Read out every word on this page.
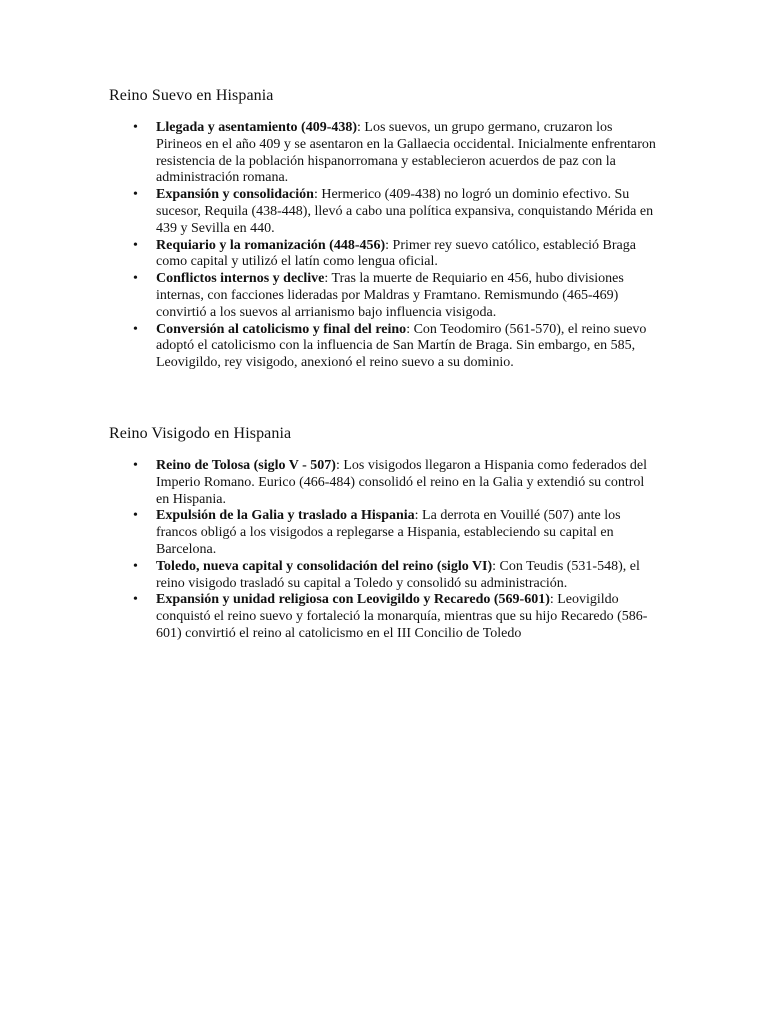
Reino Suevo en Hispania
• Llegada y asentamiento (409-438): Los suevos, un grupo germano, cruzaron los Pirineos en el año 409 y se asentaron en la Gallaecia occidental. Inicialmente enfrentaron resistencia de la población hispanorromana y establecieron acuerdos de paz con la administración romana.
• Expansión y consolidación: Hermerico (409-438) no logró un dominio efectivo. Su sucesor, Requila (438-448), llevó a cabo una política expansiva, conquistando Mérida en 439 y Sevilla en 440.
• Requiario y la romanización (448-456): Primer rey suevo católico, estableció Braga como capital y utilizó el latín como lengua oficial.
• Conflictos internos y declive: Tras la muerte de Requiario en 456, hubo divisiones internas, con facciones lideradas por Maldras y Framtano. Remismundo (465-469) convirtió a los suevos al arrianismo bajo influencia visigoda.
• Conversión al catolicismo y final del reino: Con Teodomiro (561-570), el reino suevo adoptó el catolicismo con la influencia de San Martín de Braga. Sin embargo, en 585, Leovigildo, rey visigodo, anexionó el reino suevo a su dominio.
Reino Visigodo en Hispania
• Reino de Tolosa (siglo V - 507): Los visigodos llegaron a Hispania como federados del Imperio Romano. Eurico (466-484) consolidó el reino en la Galia y extendió su control en Hispania.
• Expulsión de la Galia y traslado a Hispania: La derrota en Vouillé (507) ante los francos obligó a los visigodos a replegarse a Hispania, estableciendo su capital en Barcelona.
• Toledo, nueva capital y consolidación del reino (siglo VI): Con Teudis (531-548), el reino visigodo trasladó su capital a Toledo y consolidó su administración.
• Expansión y unidad religiosa con Leovigildo y Recaredo (569-601): Leovigildo conquistó el reino suevo y fortaleció la monarquía, mientras que su hijo Recaredo (586-601) convirtió el reino al catolicismo en el III Concilio de Toledo
